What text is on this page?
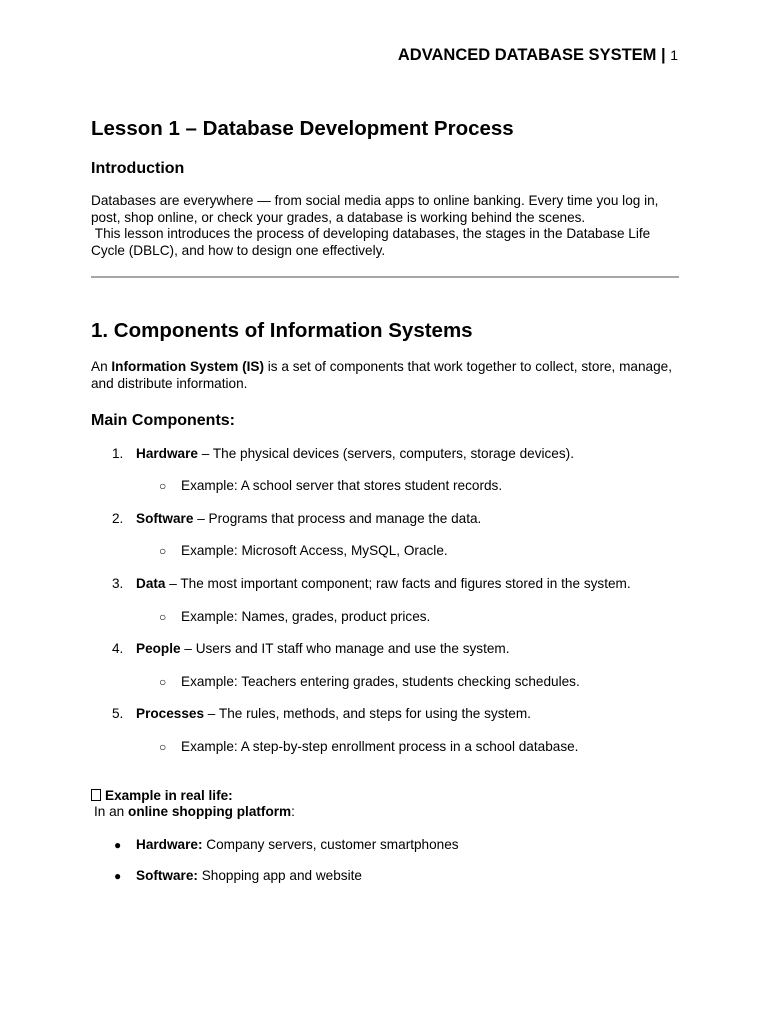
ADVANCED DATABASE SYSTEM | 1
Lesson 1 – Database Development Process
Introduction

Databases are everywhere — from social media apps to online banking. Every time you log in, post, shop online, or check your grades, a database is working behind the scenes.
This lesson introduces the process of developing databases, the stages in the Database Life Cycle (DBLC), and how to design one effectively.

1. Components of Information Systems

An Information System (IS) is a set of components that work together to collect, store, manage, and distribute information.

Main Components:
1. Hardware – The physical devices (servers, computers, storage devices).
○ Example: A school server that stores student records.
2. Software – Programs that process and manage the data.
○ Example: Microsoft Access, MySQL, Oracle.
3. Data – The most important component; raw facts and figures stored in the system.
○ Example: Names, grades, product prices.
4. People – Users and IT staff who manage and use the system.
○ Example: Teachers entering grades, students checking schedules.
5. Processes – The rules, methods, and steps for using the system.
○ Example: A step-by-step enrollment process in a school database.
Example in real life:
In an online shopping platform:
● Hardware: Company servers, customer smartphones
● Software: Shopping app and website
